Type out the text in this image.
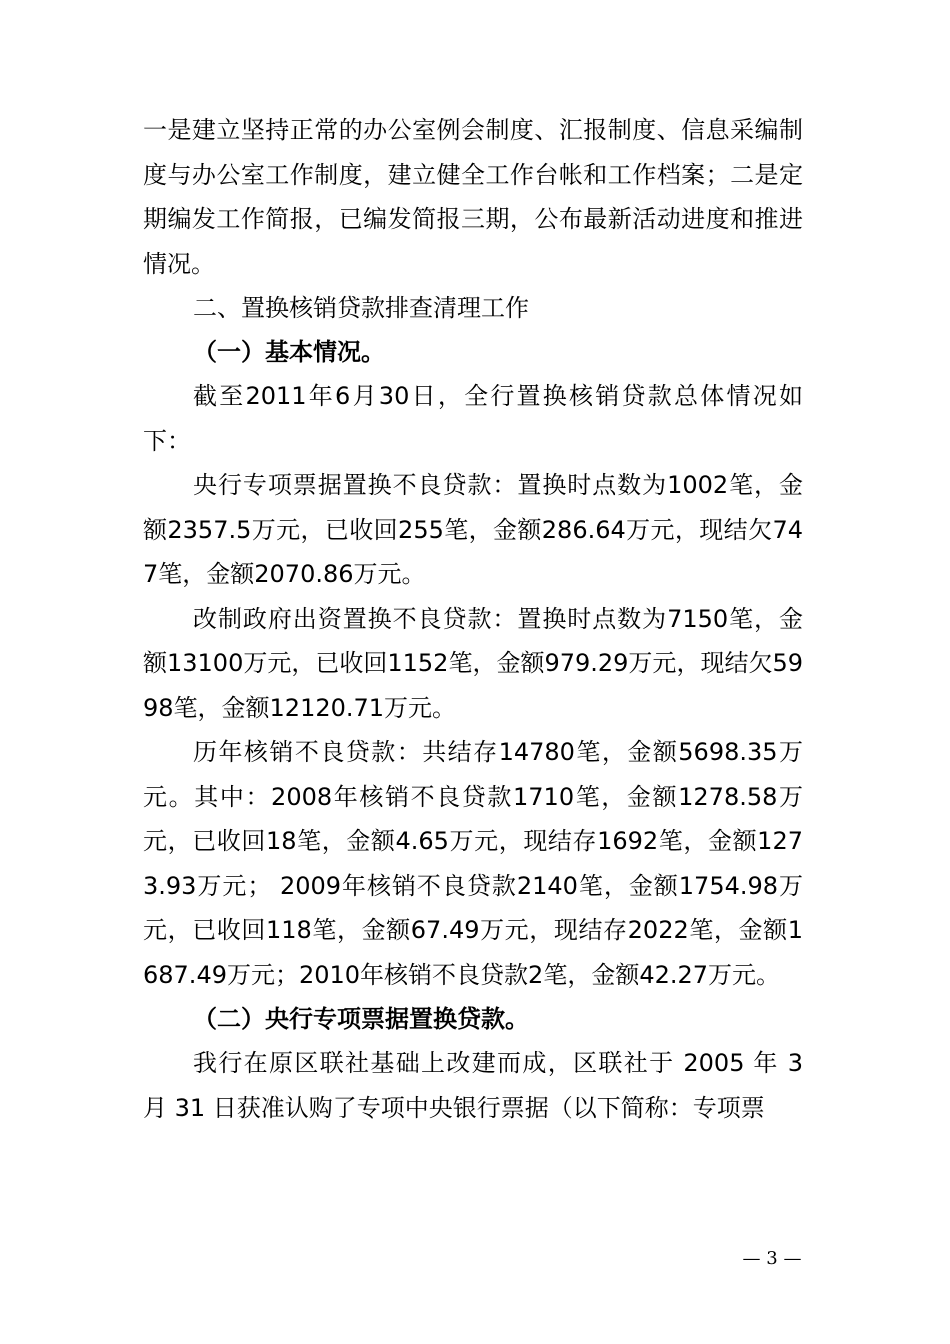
一是建立坚持正常的办公室例会制度、汇报制度、信息采编制度与办公室工作制度，建立健全工作台帐和工作档案；二是定期编发工作简报，已编发简报三期，公布最新活动进度和推进情况。

二、置换核销贷款排查清理工作

（一）基本情况。

截至2011年6月30日，全行置换核销贷款总体情况如下：

央行专项票据置换不良贷款：置换时点数为1002笔，金额2357.5万元，已收回255笔，金额286.64万元，现结欠747笔，金额2070.86万元。

改制政府出资置换不良贷款：置换时点数为7150笔，金额13100万元，已收回1152笔，金额979.29万元，现结欠5998笔，金额12120.71万元。

历年核销不良贷款：共结存14780笔，金额5698.35万元。其中：2008年核销不良贷款1710笔，金额1278.58万元，已收回18笔，金额4.65万元，现结存1692笔，金额1273.93万元； 2009年核销不良贷款2140笔，金额1754.98万元，已收回118笔，金额67.49万元，现结存2022笔，金额1687.49万元；2010年核销不良贷款2笔，金额42.27万元。

（二）央行专项票据置换贷款。

我行在原区联社基础上改建而成，区联社于 2005 年 3 月 31 日获准认购了专项中央银行票据（以下简称：专项票

— 3 —
